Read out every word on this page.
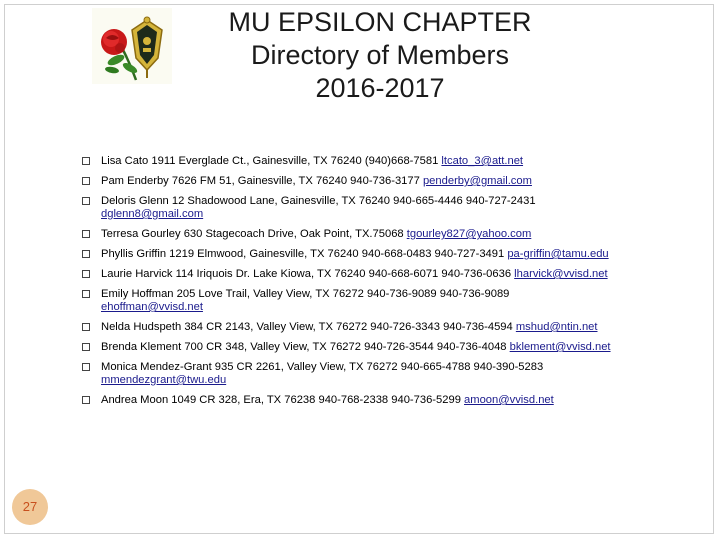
MU EPSILON CHAPTER
Directory of Members
2016-2017
Lisa Cato 1911 Everglade Ct., Gainesville, TX 76240 (940)668-7581 ltcato_3@att.net
Pam Enderby 7626 FM 51, Gainesville, TX 76240 940-736-3177 penderby@gmail.com
Deloris Glenn 12 Shadowood Lane, Gainesville, TX 76240 940-665-4446 940-727-2431
dglenn8@gmail.com
Terresa Gourley 630 Stagecoach Drive, Oak Point, TX.75068 tgourley827@yahoo.com
Phyllis Griffin 1219 Elmwood, Gainesville, TX 76240 940-668-0483 940-727-3491 pa-griffin@tamu.edu
Laurie Harvick 114 Iriquois Dr. Lake Kiowa, TX 76240 940-668-6071 940-736-0636 lharvick@vvisd.net
Emily Hoffman 205 Love Trail, Valley View, TX 76272 940-736-9089 940-736-9089
ehoffman@vvisd.net
Nelda Hudspeth 384 CR 2143, Valley View, TX 76272 940-726-3343 940-736-4594 mshud@ntin.net
Brenda Klement 700 CR 348, Valley View, TX 76272 940-726-3544 940-736-4048 bklement@vvisd.net
Monica Mendez-Grant 935 CR 2261, Valley View, TX 76272 940-665-4788 940-390-5283
mmendezgrant@twu.edu
Andrea Moon 1049 CR 328, Era, TX 76238 940-768-2338 940-736-5299 amoon@vvisd.net
27
